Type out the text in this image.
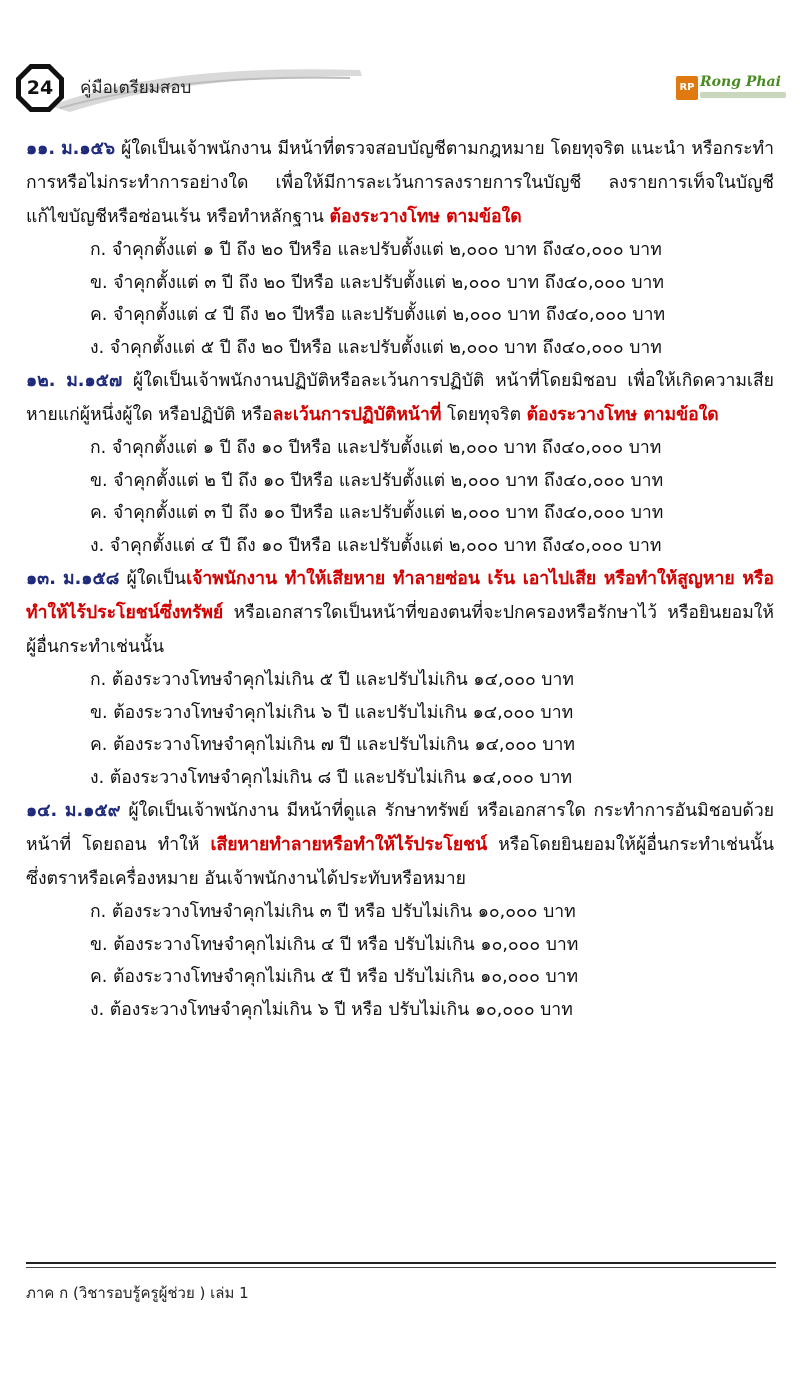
24	คู่มือเตรียมสอบ	RP Rong Phai
๑๑. ม.๑๕๖ ผู้ใดเป็นเจ้าพนักงาน มีหน้าที่ตรวจสอบบัญชีตามกฎหมาย โดยทุจริต แนะนำ หรือกระทำการหรือไม่กระทำการอย่างใด เพื่อให้มีการละเว้นการลงรายการในบัญชี ลงรายการเท็จในบัญชี แก้ไขบัญชีหรือซ่อนเร้น หรือทำหลักฐาน ต้องระวางโทษ ตามข้อใด
ก. จำคุกตั้งแต่ ๑ ปี ถึง ๒๐ ปีหรือ และปรับตั้งแต่ ๒,๐๐๐ บาท ถึง๔๐,๐๐๐ บาท
ข. จำคุกตั้งแต่ ๓ ปี ถึง ๒๐ ปีหรือ และปรับตั้งแต่ ๒,๐๐๐ บาท ถึง๔๐,๐๐๐ บาท
ค. จำคุกตั้งแต่ ๔ ปี ถึง ๒๐ ปีหรือ และปรับตั้งแต่ ๒,๐๐๐ บาท ถึง๔๐,๐๐๐ บาท
ง. จำคุกตั้งแต่ ๕ ปี ถึง ๒๐ ปีหรือ และปรับตั้งแต่ ๒,๐๐๐ บาท ถึง๔๐,๐๐๐ บาท
๑๒. ม.๑๕๗ ผู้ใดเป็นเจ้าพนักงานปฏิบัติหรือละเว้นการปฏิบัติ หน้าที่โดยมิชอบ เพื่อให้เกิดความเสียหายแก่ผู้หนึ่งผู้ใด หรือปฏิบัติ หรือละเว้นการปฏิบัติหน้าที่ โดยทุจริต ต้องระวางโทษ ตามข้อใด
ก. จำคุกตั้งแต่ ๑ ปี ถึง ๑๐ ปีหรือ และปรับตั้งแต่ ๒,๐๐๐ บาท ถึง๔๐,๐๐๐ บาท
ข. จำคุกตั้งแต่ ๒ ปี ถึง ๑๐ ปีหรือ และปรับตั้งแต่ ๒,๐๐๐ บาท ถึง๔๐,๐๐๐ บาท
ค. จำคุกตั้งแต่ ๓ ปี ถึง ๑๐ ปีหรือ และปรับตั้งแต่ ๒,๐๐๐ บาท ถึง๔๐,๐๐๐ บาท
ง. จำคุกตั้งแต่ ๔ ปี ถึง ๑๐ ปีหรือ และปรับตั้งแต่ ๒,๐๐๐ บาท ถึง๔๐,๐๐๐ บาท
๑๓. ม.๑๕๘ ผู้ใดเป็นเจ้าพนักงาน ทำให้เสียหาย ทำลายซ่อน เร้น เอาไปเสีย หรือทำให้สูญหาย หรือทำให้ไร้ประโยชน์ซึ่งทรัพย์ หรือเอกสารใดเป็นหน้าที่ของตนที่จะปกครองหรือรักษาไว้ หรือยินยอมให้ผู้อื่นกระทำเช่นนั้น
ก. ต้องระวางโทษจำคุกไม่เกิน ๕ ปี และปรับไม่เกิน ๑๔,๐๐๐ บาท
ข. ต้องระวางโทษจำคุกไม่เกิน ๖ ปี และปรับไม่เกิน ๑๔,๐๐๐ บาท
ค. ต้องระวางโทษจำคุกไม่เกิน ๗ ปี และปรับไม่เกิน ๑๔,๐๐๐ บาท
ง. ต้องระวางโทษจำคุกไม่เกิน ๘ ปี และปรับไม่เกิน ๑๔,๐๐๐ บาท
๑๔. ม.๑๕๙ ผู้ใดเป็นเจ้าพนักงาน มีหน้าที่ดูแล รักษาทรัพย์ หรือเอกสารใด กระทำการอันมิชอบด้วยหน้าที่ โดยถอน ทำให้ เสียหายทำลายหรือทำให้ไร้ประโยชน์ หรือโดยยินยอมให้ผู้อื่นกระทำเช่นนั้น ซึ่งตราหรือเครื่องหมาย อันเจ้าพนักงานได้ประทับหรือหมาย
ก. ต้องระวางโทษจำคุกไม่เกิน ๓ ปี หรือ ปรับไม่เกิน ๑๐,๐๐๐ บาท
ข. ต้องระวางโทษจำคุกไม่เกิน ๔ ปี หรือ ปรับไม่เกิน ๑๐,๐๐๐ บาท
ค. ต้องระวางโทษจำคุกไม่เกิน ๕ ปี หรือ ปรับไม่เกิน ๑๐,๐๐๐ บาท
ง. ต้องระวางโทษจำคุกไม่เกิน ๖ ปี หรือ ปรับไม่เกิน ๑๐,๐๐๐ บาท
ภาค ก (วิชารอบรู้ครูผู้ช่วย ) เล่ม 1
